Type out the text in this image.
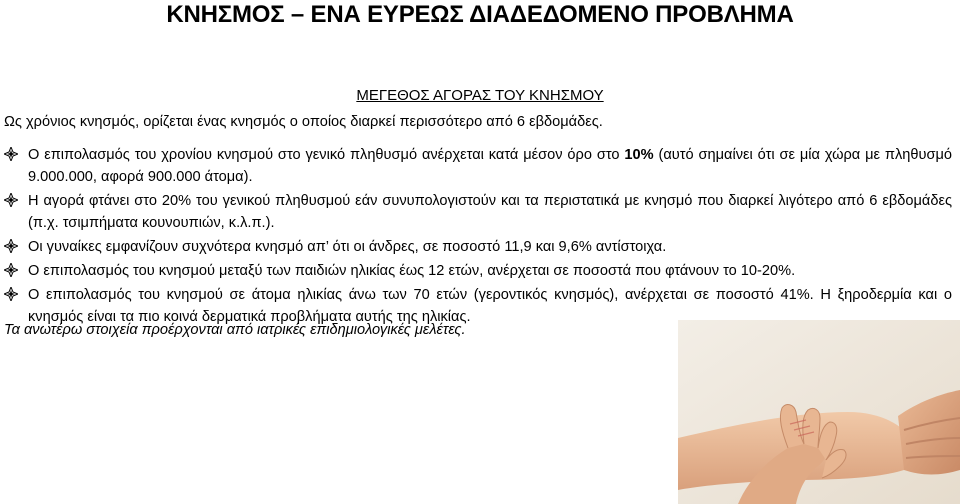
ΚΝΗΣΜΟΣ – ΕΝΑ ΕΥΡΕΩΣ ΔΙΑΔΕΔΟΜΕΝΟ ΠΡΟΒΛΗΜΑ
ΜΕΓΕΘΟΣ ΑΓΟΡΑΣ ΤΟΥ ΚΝΗΣΜΟΥ
Ως χρόνιος κνησμός, ορίζεται ένας κνησμός ο οποίος διαρκεί περισσότερο από 6 εβδομάδες.
Ο επιπολασμός του χρονίου κνησμού στο γενικό πληθυσμό ανέρχεται κατά μέσον όρο στο 10% (αυτό σημαίνει ότι σε μία χώρα με πληθυσμό 9.000.000, αφορά 900.000 άτομα).
Η αγορά φτάνει στο 20% του γενικού πληθυσμού εάν συνυπολογιστούν και τα περιστατικά με κνησμό που διαρκεί λιγότερο από 6 εβδομάδες (π.χ. τσιμπήματα κουνουπιών, κ.λ.π.).
Οι γυναίκες εμφανίζουν συχνότερα κνησμό απ’ ότι οι άνδρες, σε ποσοστό 11,9 και 9,6% αντίστοιχα.
Ο επιπολασμός του κνησμού μεταξύ των παιδιών ηλικίας έως 12 ετών, ανέρχεται σε ποσοστά που φτάνουν το 10-20%.
Ο επιπολασμός του κνησμού σε άτομα ηλικίας άνω των 70 ετών (γεροντικός κνησμός), ανέρχεται σε ποσοστό 41%. Η ξηροδερμία και ο κνησμός είναι τα πιο κοινά δερματικά προβλήματα αυτής της ηλικίας.
Τα ανωτέρω στοιχεία προέρχονται από ιατρικές επιδημιολογικές μελέτες.
